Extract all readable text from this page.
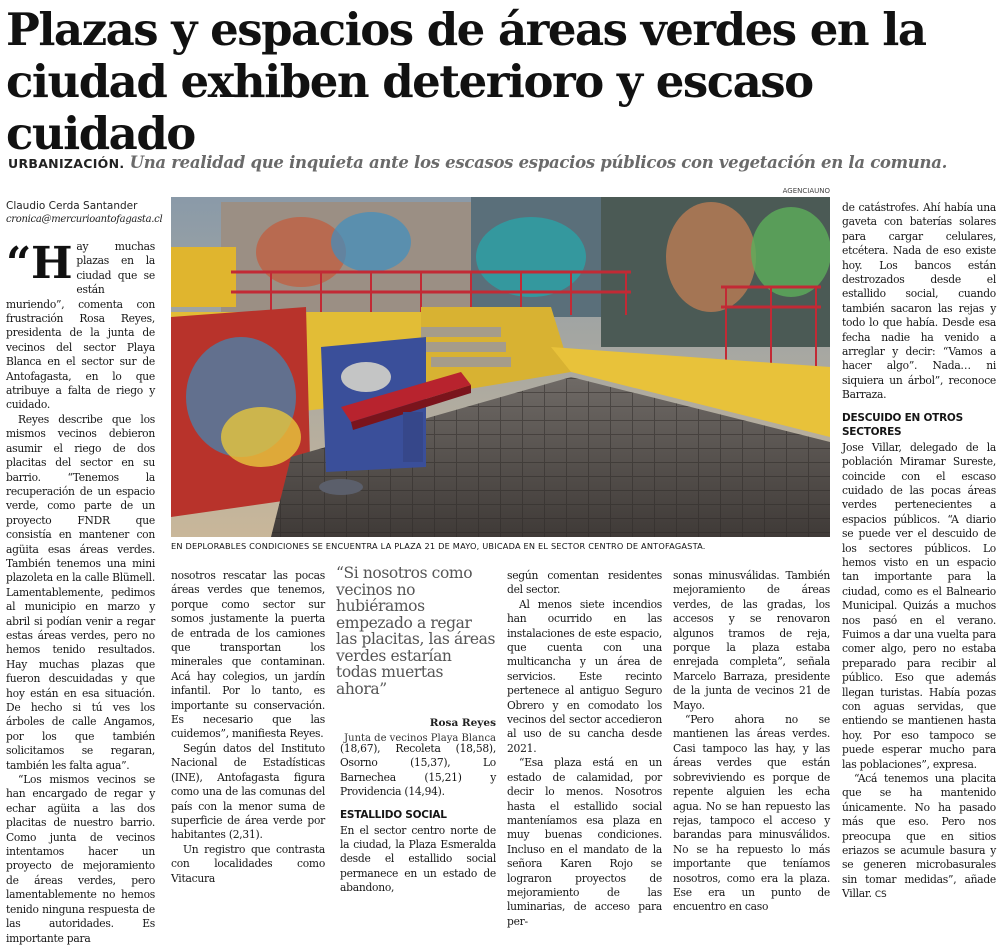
Plazas y espacios de áreas verdes en la ciudad exhiben deterioro y escaso cuidado
URBANIZACIÓN. Una realidad que inquieta ante los escasos espacios públicos con vegetación en la comuna.
Claudio Cerda Santander
cronica@mercurioantofagasta.cl

“Hay muchas plazas en la ciudad que se están muriendo”, comenta con frustración Rosa Reyes, presidenta de la junta de vecinos del sector Playa Blanca en el sector sur de Antofagasta, en lo que atribuye a falta de riego y cuidado.

Reyes describe que los mismos vecinos debieron asumir el riego de dos placitas del sector en su barrio. “Tenemos la recuperación de un espacio verde, como parte de un proyecto FNDR que consistía en mantener con agüita esas áreas verdes. También tenemos una mini plazoleta en la calle Blümell. Lamentablemente, pedimos al municipio en marzo y abril si podían venir a regar estas áreas verdes, pero no hemos tenido resultados. Hay muchas plazas que fueron descuidadas y que hoy están en esa situación. De hecho si tú ves los árboles de calle Angamos, por los que también solicitamos se regaran, también les falta agua”.

“Los mismos vecinos se han encargado de regar y echar agüita a las dos placitas de nuestro barrio. Como junta de vecinos intentamos hacer un proyecto de mejoramiento de áreas verdes, pero lamentablemente no hemos tenido ninguna respuesta de las autoridades. Es importante para

AGENCIAUNO
EN DEPLORABLES CONDICIONES SE ENCUENTRA LA PLAZA 21 DE MAYO, UBICADA EN EL SECTOR CENTRO DE ANTOFAGASTA.

nosotros rescatar las pocas áreas verdes que tenemos, porque como sector sur somos justamente la puerta de entrada de los camiones que transportan los minerales que contaminan. Acá hay colegios, un jardín infantil. Por lo tanto, es importante su conservación. Es necesario que las cuidemos”, manifiesta Reyes.

Según datos del Instituto Nacional de Estadísticas (INE), Antofagasta figura como una de las comunas del país con la menor suma de superficie de área verde por habitantes (2,31).

Un registro que contrasta con localidades como Vitacura

“Si nosotros como vecinos no hubiéramos empezado a regar las placitas, las áreas verdes estarían todas muertas ahora”
Rosa Reyes
Junta de vecinos Playa Blanca

(18,67), Recoleta (18,58), Osorno (15,37), Lo Barnechea (15,21) y Providencia (14,94).

ESTALLIDO SOCIAL

En el sector centro norte de la ciudad, la Plaza Esmeralda desde el estallido social permanece en un estado de abandono,

según comentan residentes del sector.

Al menos siete incendios han ocurrido en las instalaciones de este espacio, que cuenta con una multicancha y un área de servicios. Este recinto pertenece al antiguo Seguro Obrero y en comodato los vecinos del sector accedieron al uso de su cancha desde 2021.

“Esa plaza está en un estado de calamidad, por decir lo menos. Nosotros hasta el estallido social manteníamos esa plaza en muy buenas condiciones. Incluso en el mandato de la señora Karen Rojo se lograron proyectos de mejoramiento de las luminarias, de acceso para per-

sonas minusválidas. También mejoramiento de áreas verdes, de las gradas, los accesos y se renovaron algunos tramos de reja, porque la plaza estaba enrejada completa”, señala Marcelo Barraza, presidente de la junta de vecinos 21 de Mayo.

“Pero ahora no se mantienen las áreas verdes. Casi tampoco las hay, y las áreas verdes que están sobreviviendo es porque de repente alguien les echa agua. No se han repuesto las rejas, tampoco el acceso y barandas para minusválidos. No se ha repuesto lo más importante que teníamos nosotros, como era la plaza. Ese era un punto de encuentro en caso

de catástrofes. Ahí había una gaveta con baterías solares para cargar celulares, etcétera. Nada de eso existe hoy. Los bancos están destrozados desde el estallido social, cuando también sacaron las rejas y todo lo que había. Desde esa fecha nadie ha venido a arreglar y decir: “Vamos a hacer algo”. Nada… ni siquiera un árbol”, reconoce Barraza.

DESCUIDO EN OTROS SECTORES

Jose Villar, delegado de la población Miramar Sureste, coincide con el escaso cuidado de las pocas áreas verdes pertenecientes a espacios públicos. “A diario se puede ver el descuido de los sectores públicos. Lo hemos visto en un espacio tan importante para la ciudad, como es el Balneario Municipal. Quizás a muchos nos pasó en el verano. Fuimos a dar una vuelta para comer algo, pero no estaba preparado para recibir al público. Eso que además llegan turistas. Había pozas con aguas servidas, que entiendo se mantienen hasta hoy. Por eso tampoco se puede esperar mucho para las poblaciones”, expresa.

“Acá tenemos una placita que se ha mantenido únicamente. No ha pasado más que eso. Pero nos preocupa que en sitios eriazos se acumule basura y se generen microbasurales sin tomar medidas”, añade Villar. CS
